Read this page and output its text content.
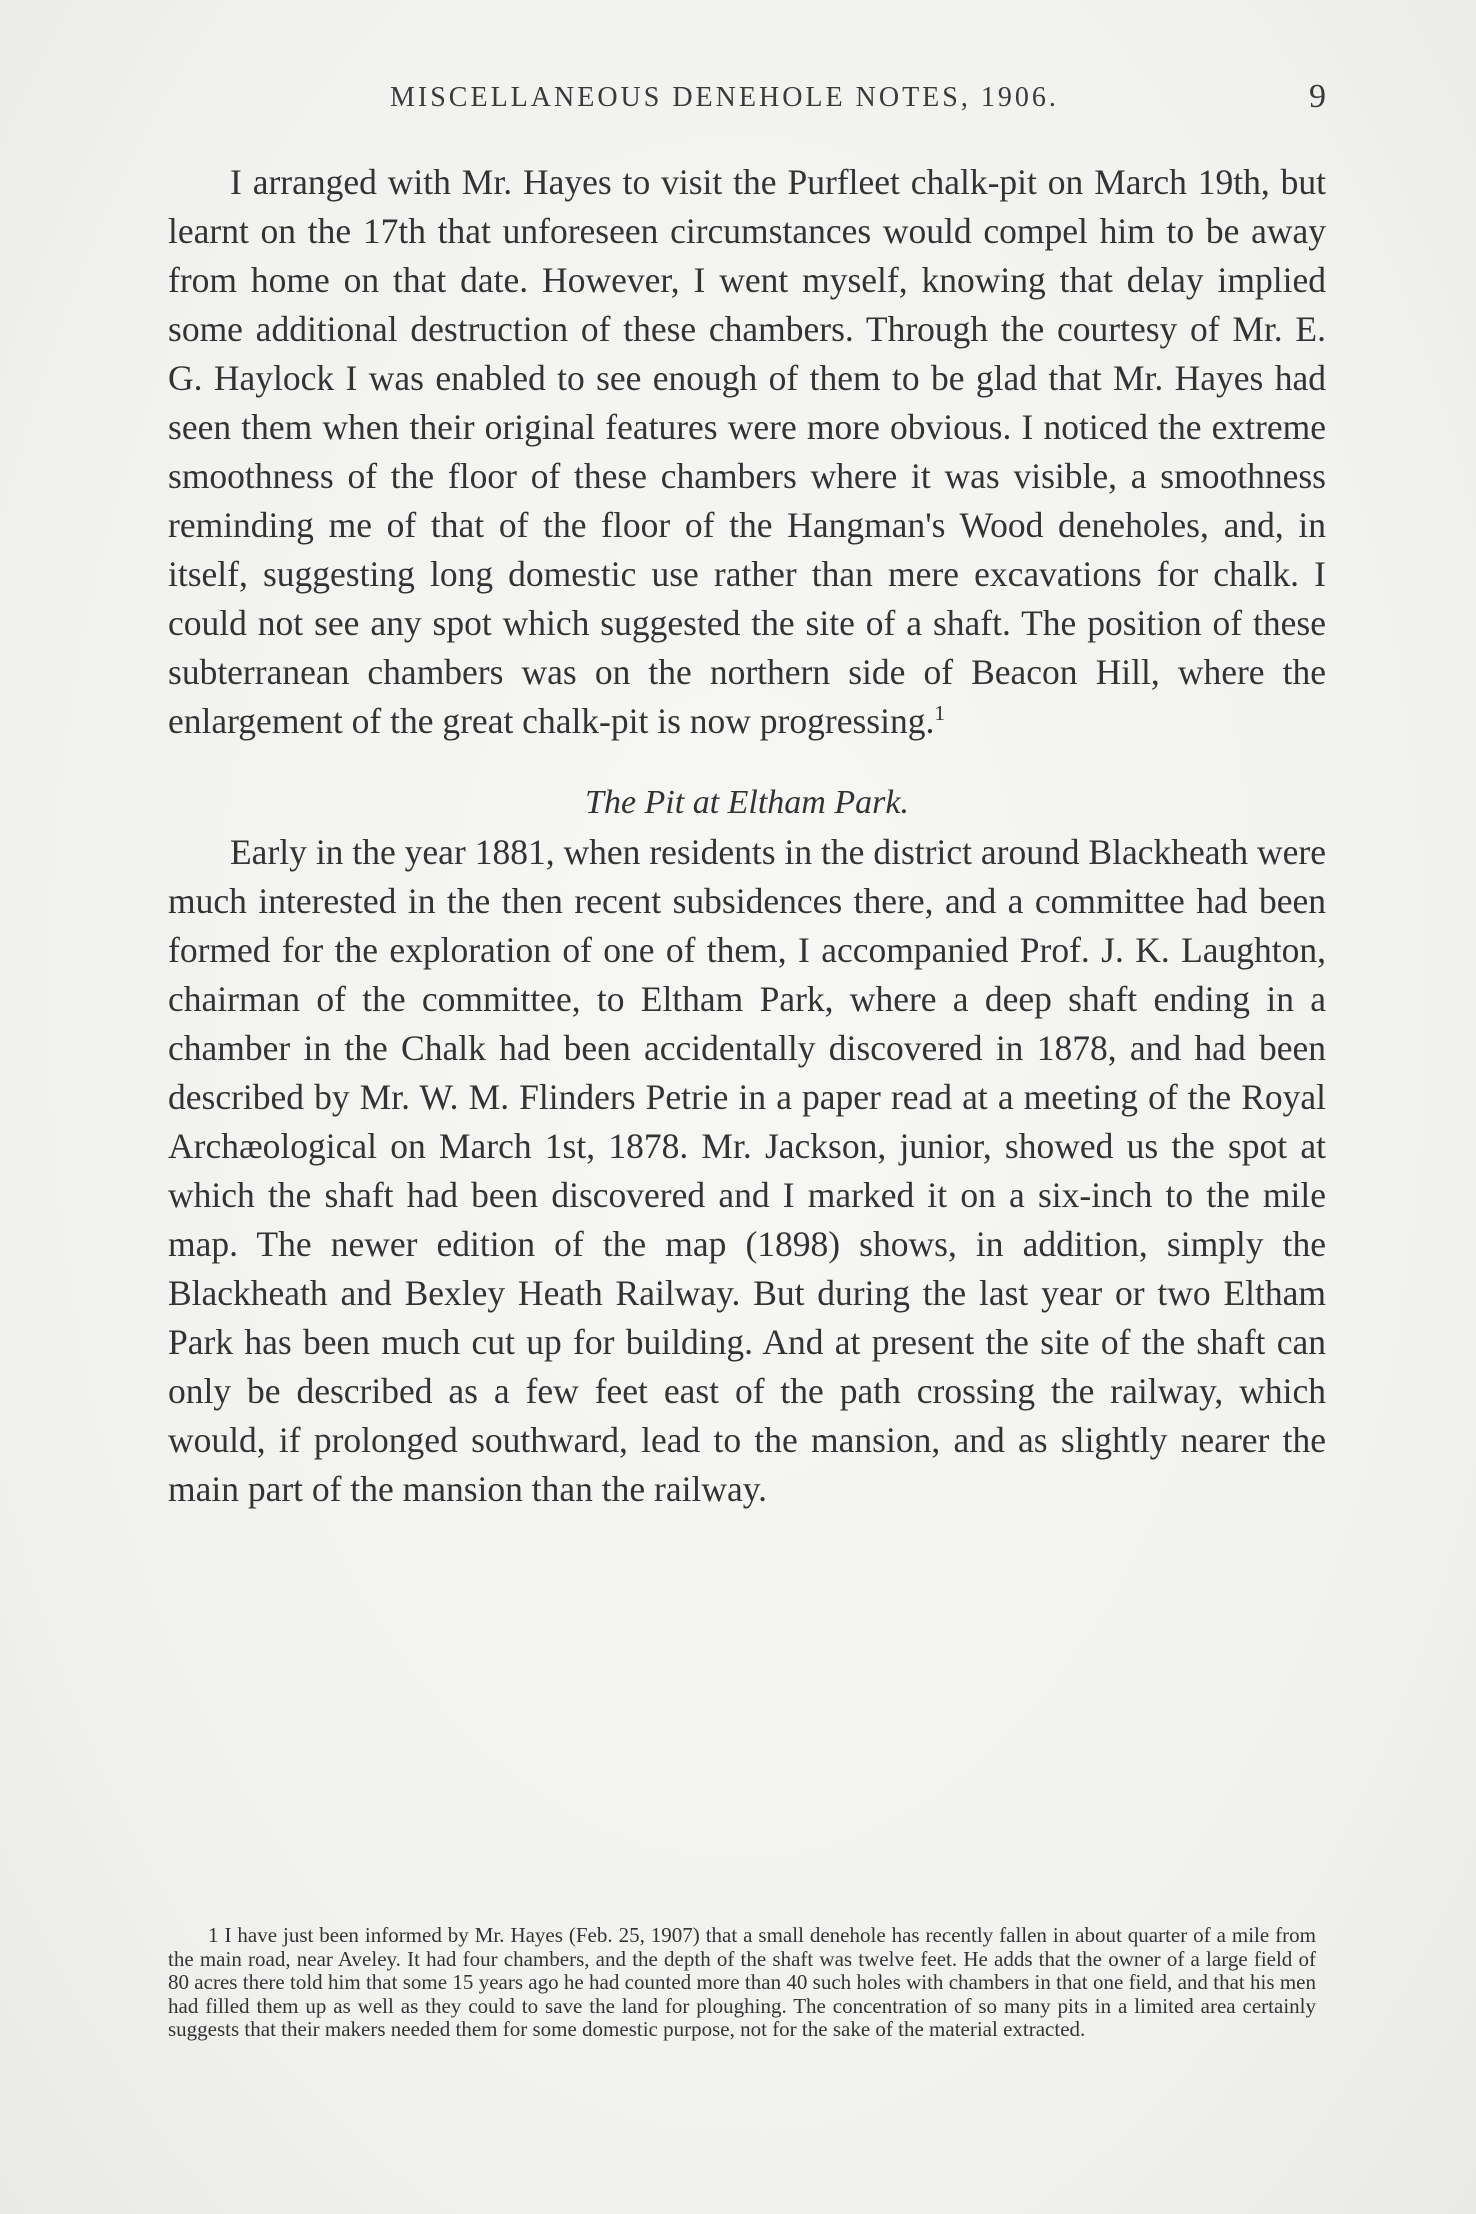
MISCELLANEOUS DENEHOLE NOTES, 1906.	9

I arranged with Mr. Hayes to visit the Purfleet chalk-pit on March 19th, but learnt on the 17th that unforeseen circumstances would compel him to be away from home on that date. However, I went myself, knowing that delay implied some additional destruction of these chambers. Through the courtesy of Mr. E. G. Haylock I was enabled to see enough of them to be glad that Mr. Hayes had seen them when their original features were more obvious. I noticed the extreme smoothness of the floor of these chambers where it was visible, a smoothness reminding me of that of the floor of the Hangman's Wood deneholes, and, in itself, suggesting long domestic use rather than mere excavations for chalk. I could not see any spot which suggested the site of a shaft. The position of these subterranean chambers was on the northern side of Beacon Hill, where the enlargement of the great chalk-pit is now progressing.$^1$

The Pit at Eltham Park.

Early in the year 1881, when residents in the district around Blackheath were much interested in the then recent subsidences there, and a committee had been formed for the exploration of one of them, I accompanied Prof. J. K. Laughton, chairman of the committee, to Eltham Park, where a deep shaft ending in a chamber in the Chalk had been accidentally discovered in 1878, and had been described by Mr. W. M. Flinders Petrie in a paper read at a meeting of the Royal Archæological on March 1st, 1878. Mr. Jackson, junior, showed us the spot at which the shaft had been discovered and I marked it on a six-inch to the mile map. The newer edition of the map (1898) shows, in addition, simply the Blackheath and Bexley Heath Railway. But during the last year or two Eltham Park has been much cut up for building. And at present the site of the shaft can only be described as a few feet east of the path crossing the railway, which would, if prolonged southward, lead to the mansion, and as slightly nearer the main part of the mansion than the railway.

1 I have just been informed by Mr. Hayes (Feb. 25, 1907) that a small denehole has recently fallen in about quarter of a mile from the main road, near Aveley. It had four chambers, and the depth of the shaft was twelve feet. He adds that the owner of a large field of 80 acres there told him that some 15 years ago he had counted more than 40 such holes with chambers in that one field, and that his men had filled them up as well as they could to save the land for ploughing. The concentration of so many pits in a limited area certainly suggests that their makers needed them for some domestic purpose, not for the sake of the material extracted.
